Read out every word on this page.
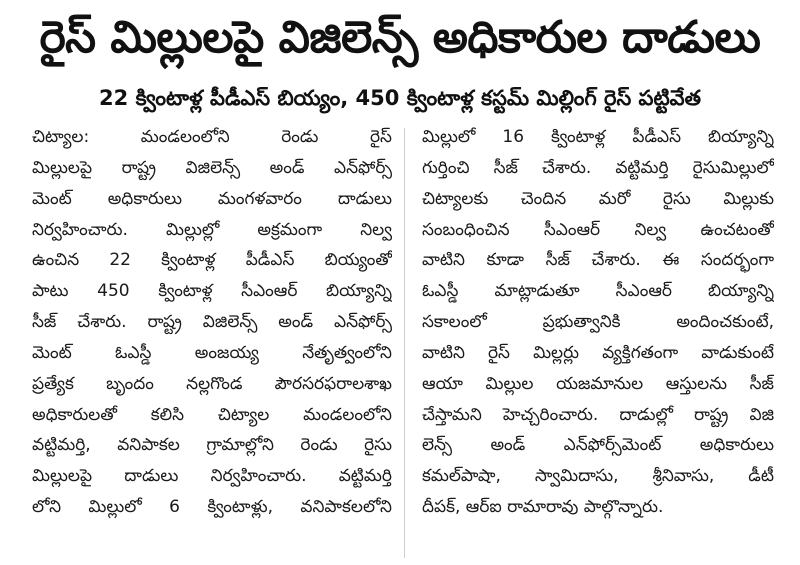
రైస్ మిల్లులపై విజిలెన్స్ అధికారుల దాడులు
22 క్వింటాళ్ల పీడీఎస్ బియ్యం, 450 క్వింటాళ్ల కస్టమ్ మిల్లింగ్ రైస్ పట్టివేత
చిట్యాల: మండలంలోని రెండు రైస్
మిల్లులపై రాష్ట్ర విజిలెన్స్ అండ్ ఎన్‌ఫోర్స్
మెంట్ అధికారులు మంగళవారం దాడులు
నిర్వహించారు. మిల్లుల్లో అక్రమంగా నిల్వ
ఉంచిన 22 క్వింటాళ్ల పీడీఎస్ బియ్యంతో
పాటు 450 క్వింటాళ్ల సీఎంఆర్ బియ్యాన్ని
సీజ్ చేశారు. రాష్ట్ర విజిలెన్స్ అండ్ ఎన్‌ఫోర్స్
మెంట్ ఓఎస్డీ అంజయ్య నేతృత్వంలోని
ప్రత్యేక బృందం నల్లగొండ పౌరసరఫరాలశాఖ
అధికారులతో కలిసి చిట్యాల మండలంలోని
వట్టిమర్తి, వనిపాకల గ్రామాల్లోని రెండు రైసు
మిల్లులపై దాడులు నిర్వహించారు. వట్టిమర్తి
లోని మిల్లులో 6 క్వింటాళ్లు, వనిపాకలలోని
మిల్లులో 16 క్వింటాళ్ల పీడీఎస్ బియ్యాన్ని
గుర్తించి సీజ్ చేశారు. వట్టిమర్తి రైసుమిల్లులో
చిట్యాలకు చెందిన మరో రైసు మిల్లుకు
సంబంధించిన సీఎంఆర్ నిల్వ ఉంచటంతో
వాటిని కూడా సీజ్ చేశారు. ఈ సందర్భంగా
ఓఎస్డీ మాట్లాడుతూ సీఎంఆర్ బియ్యాన్ని
సకాలంలో ప్రభుత్వానికి అందించకుంటే,
వాటిని రైస్ మిల్లర్లు వ్యక్తిగతంగా వాడుకుంటే
ఆయా మిల్లుల యజమానుల ఆస్తులను సీజ్
చేస్తామని హెచ్చరించారు. దాడుల్లో రాష్ట్ర విజి
లెన్స్ అండ్ ఎన్‌ఫోర్స్‌మెంట్ అధికారులు
కమల్‌పాషా, స్వామిదాసు, శ్రీనివాసు, డీటీ
దీపక్, ఆర్ఐ రామారావు పాల్గొన్నారు.
